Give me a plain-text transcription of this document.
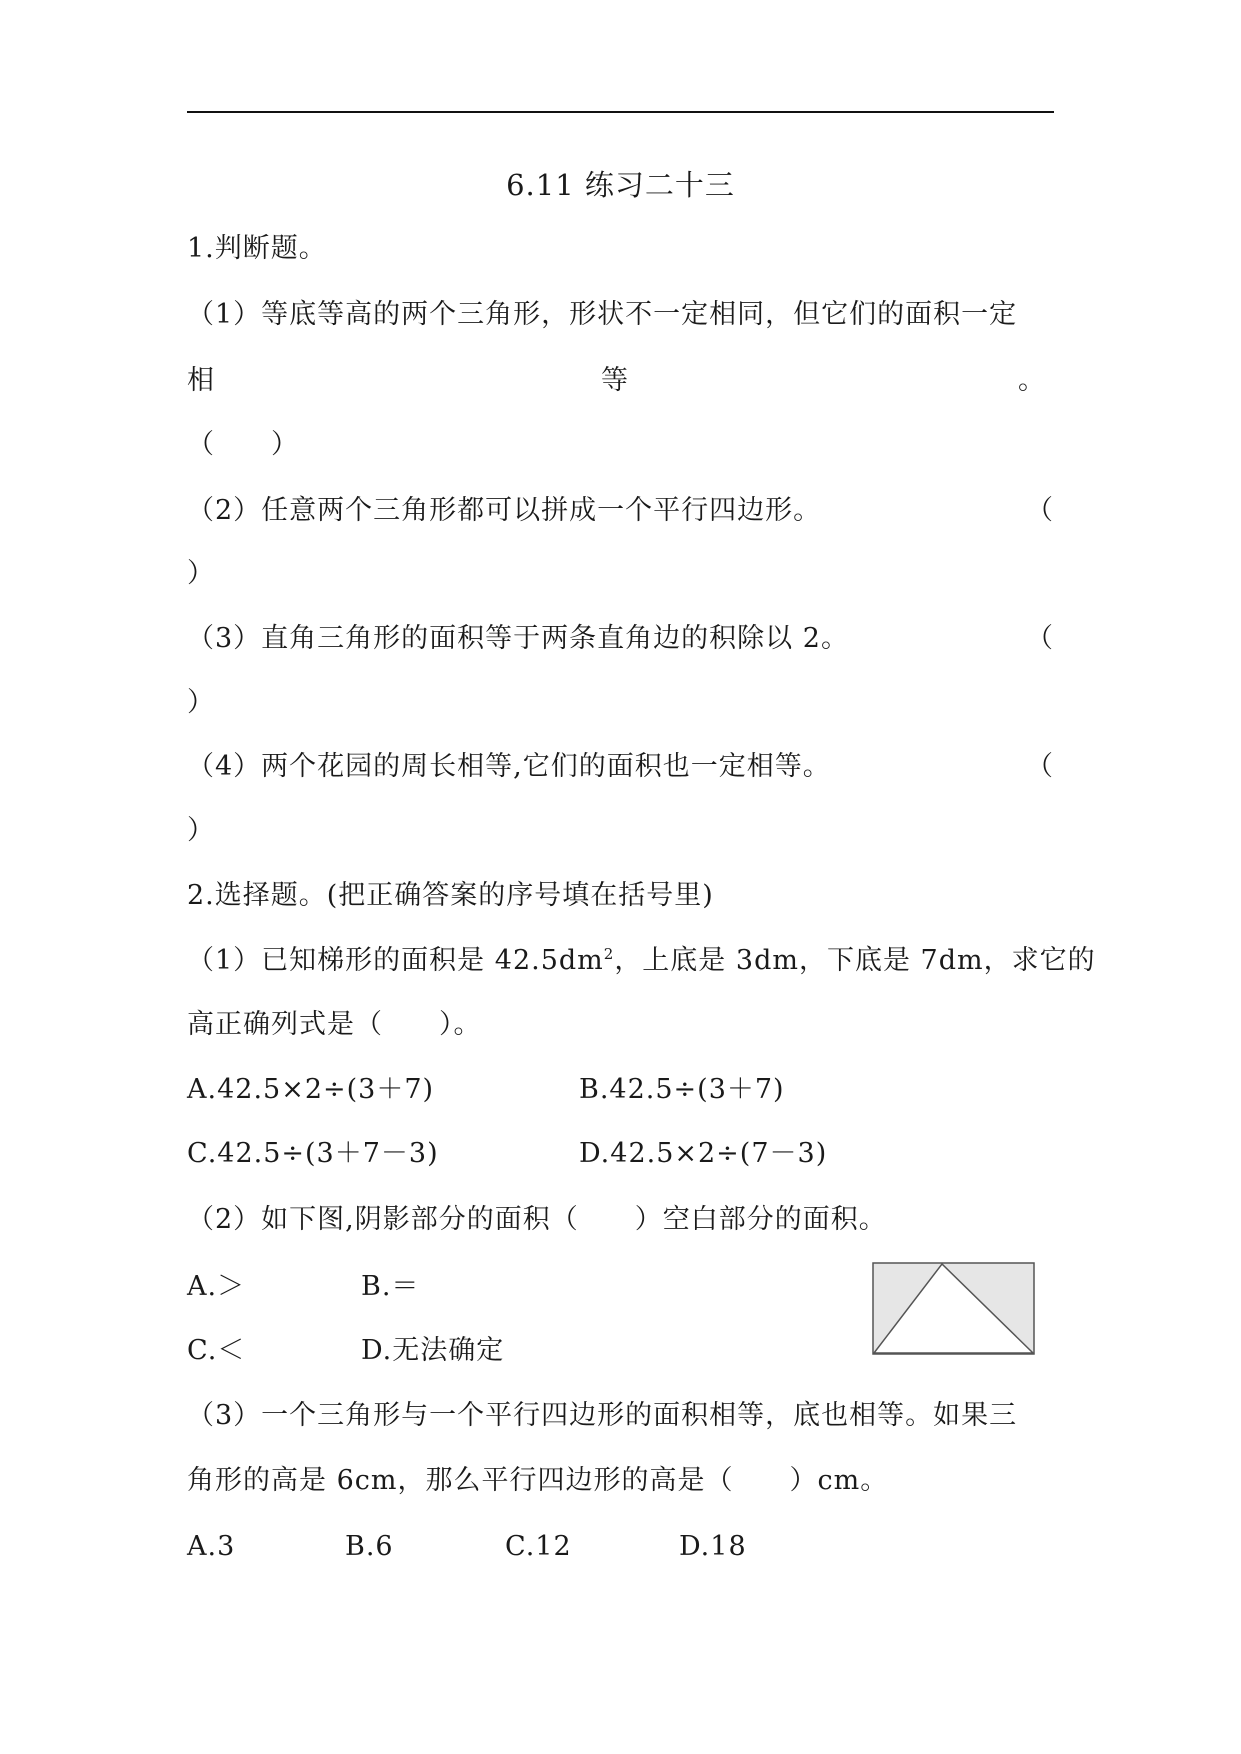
6.11 练习二十三
1.判断题。
（1）等底等高的两个三角形，形状不一定相同，但它们的面积一定
相	等	。
（　　）
（2）任意两个三角形都可以拼成一个平行四边形。	（
）
（3）直角三角形的面积等于两条直角边的积除以 2。	（
）
（4）两个花园的周长相等,它们的面积也一定相等。	（
）
2.选择题。(把正确答案的序号填在括号里)
（1）已知梯形的面积是 $42.5dm^2$，上底是 3dm，下底是 7dm，求它的
高正确列式是（　　）。
A.42.5×2÷(3＋7)	B.42.5÷(3＋7)
C.42.5÷(3＋7－3)	D.42.5×2÷(7－3)
（2）如下图,阴影部分的面积（　　）空白部分的面积。
A.＞	B.＝
C.＜	D.无法确定
（3）一个三角形与一个平行四边形的面积相等，底也相等。如果三
角形的高是 6cm，那么平行四边形的高是（　　）cm。
A.3	B.6	C.12	D.18
